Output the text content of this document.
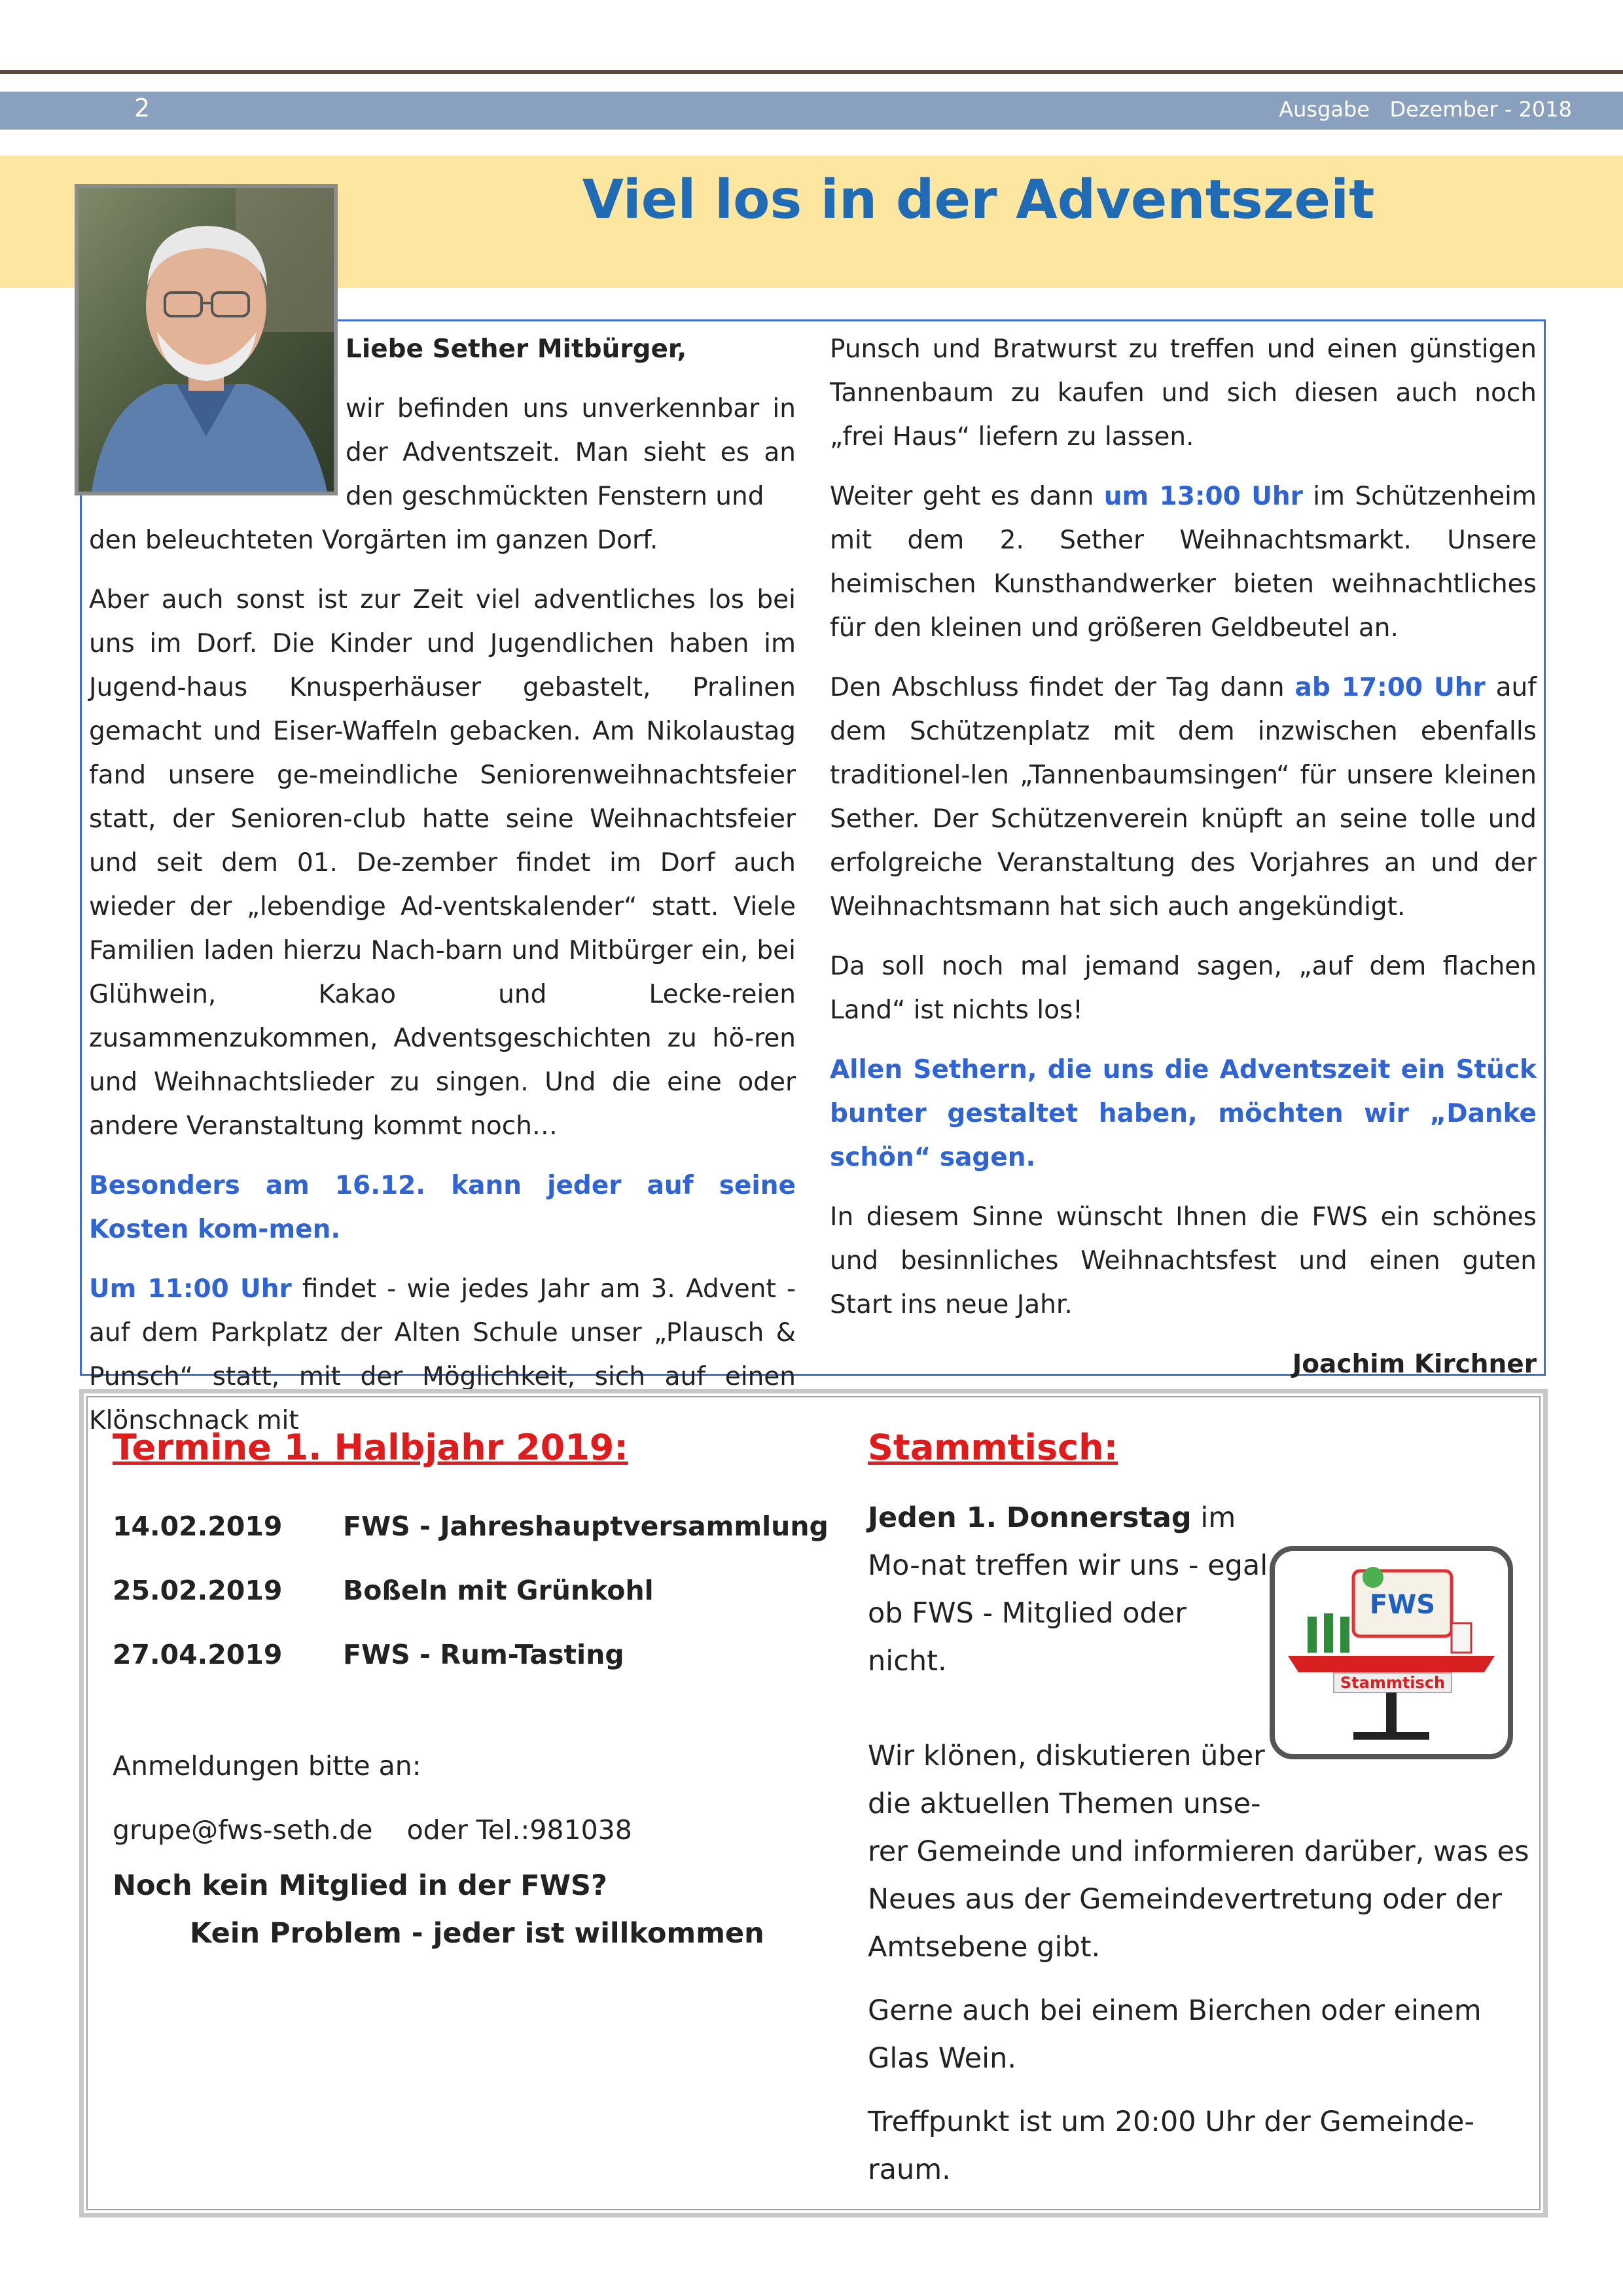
2	Ausgabe   Dezember - 2018
Viel los in der Adventszeit

Liebe Sether Mitbürger,

wir befinden uns unverkennbar in der Adventszeit. Man sieht es an den geschmückten Fenstern und

den beleuchteten Vorgärten im ganzen Dorf.

Aber auch sonst ist zur Zeit viel adventliches los bei uns im Dorf. Die Kinder und Jugendlichen haben im Jugend-haus Knusperhäuser gebastelt, Pralinen gemacht und Eiser-Waffeln gebacken. Am Nikolaustag fand unsere ge-meindliche Seniorenweihnachtsfeier statt, der Senioren-club hatte seine Weihnachtsfeier und seit dem 01. De-zember findet im Dorf auch wieder der „lebendige Ad-ventskalender“ statt. Viele Familien laden hierzu Nach-barn und Mitbürger ein, bei Glühwein, Kakao und Lecke-reien zusammenzukommen, Adventsgeschichten zu hö-ren und Weihnachtslieder zu singen. Und die eine oder andere Veranstaltung kommt noch…

Besonders am 16.12. kann jeder auf seine Kosten kom-men.

Um 11:00 Uhr findet - wie jedes Jahr am 3. Advent - auf dem Parkplatz der Alten Schule unser „Plausch & Punsch“ statt, mit der Möglichkeit, sich auf einen Klönschnack mit

Punsch und Bratwurst zu treffen und einen günstigen Tannenbaum zu kaufen und sich diesen auch noch „frei Haus“ liefern zu lassen.

Weiter geht es dann um 13:00 Uhr im Schützenheim mit dem 2. Sether Weihnachtsmarkt. Unsere heimischen Kunsthandwerker bieten weihnachtliches für den kleinen und größeren Geldbeutel an.

Den Abschluss findet der Tag dann ab 17:00 Uhr auf dem Schützenplatz mit dem inzwischen ebenfalls traditionel-len „Tannenbaumsingen“ für unsere kleinen Sether. Der Schützenverein knüpft an seine tolle und erfolgreiche Veranstaltung des Vorjahres an und der Weihnachtsmann hat sich auch angekündigt.

Da soll noch mal jemand sagen, „auf dem flachen Land“ ist nichts los!

Allen Sethern, die uns die Adventszeit ein Stück bunter gestaltet haben, möchten wir „Danke schön“ sagen.

In diesem Sinne wünscht Ihnen die FWS ein schönes und besinnliches Weihnachtsfest und einen guten Start ins neue Jahr.

Joachim Kirchner

Termine 1. Halbjahr 2019:
14.02.2019 FWS - Jahreshauptversammlung
25.02.2019 Boßeln mit Grünkohl
27.04.2019 FWS - Rum-Tasting
Anmeldungen bitte an:
grupe@fws-seth.de    oder Tel.:981038
Noch kein Mitglied in der FWS?
Kein Problem - jeder ist willkommen
Stammtisch:

Jeden 1. Donnerstag im Mo-nat treffen wir uns - egal ob FWS - Mitglied oder nicht.

Wir klönen, diskutieren über die aktuellen Themen unse-rer Gemeinde und informieren darüber, was es Neues aus der Gemeindevertretung oder der Amtsebene gibt.

Gerne auch bei einem Bierchen oder einem Glas Wein.

Treffpunkt ist um 20:00 Uhr der Gemeinde-raum.

FWS
Stammtisch
